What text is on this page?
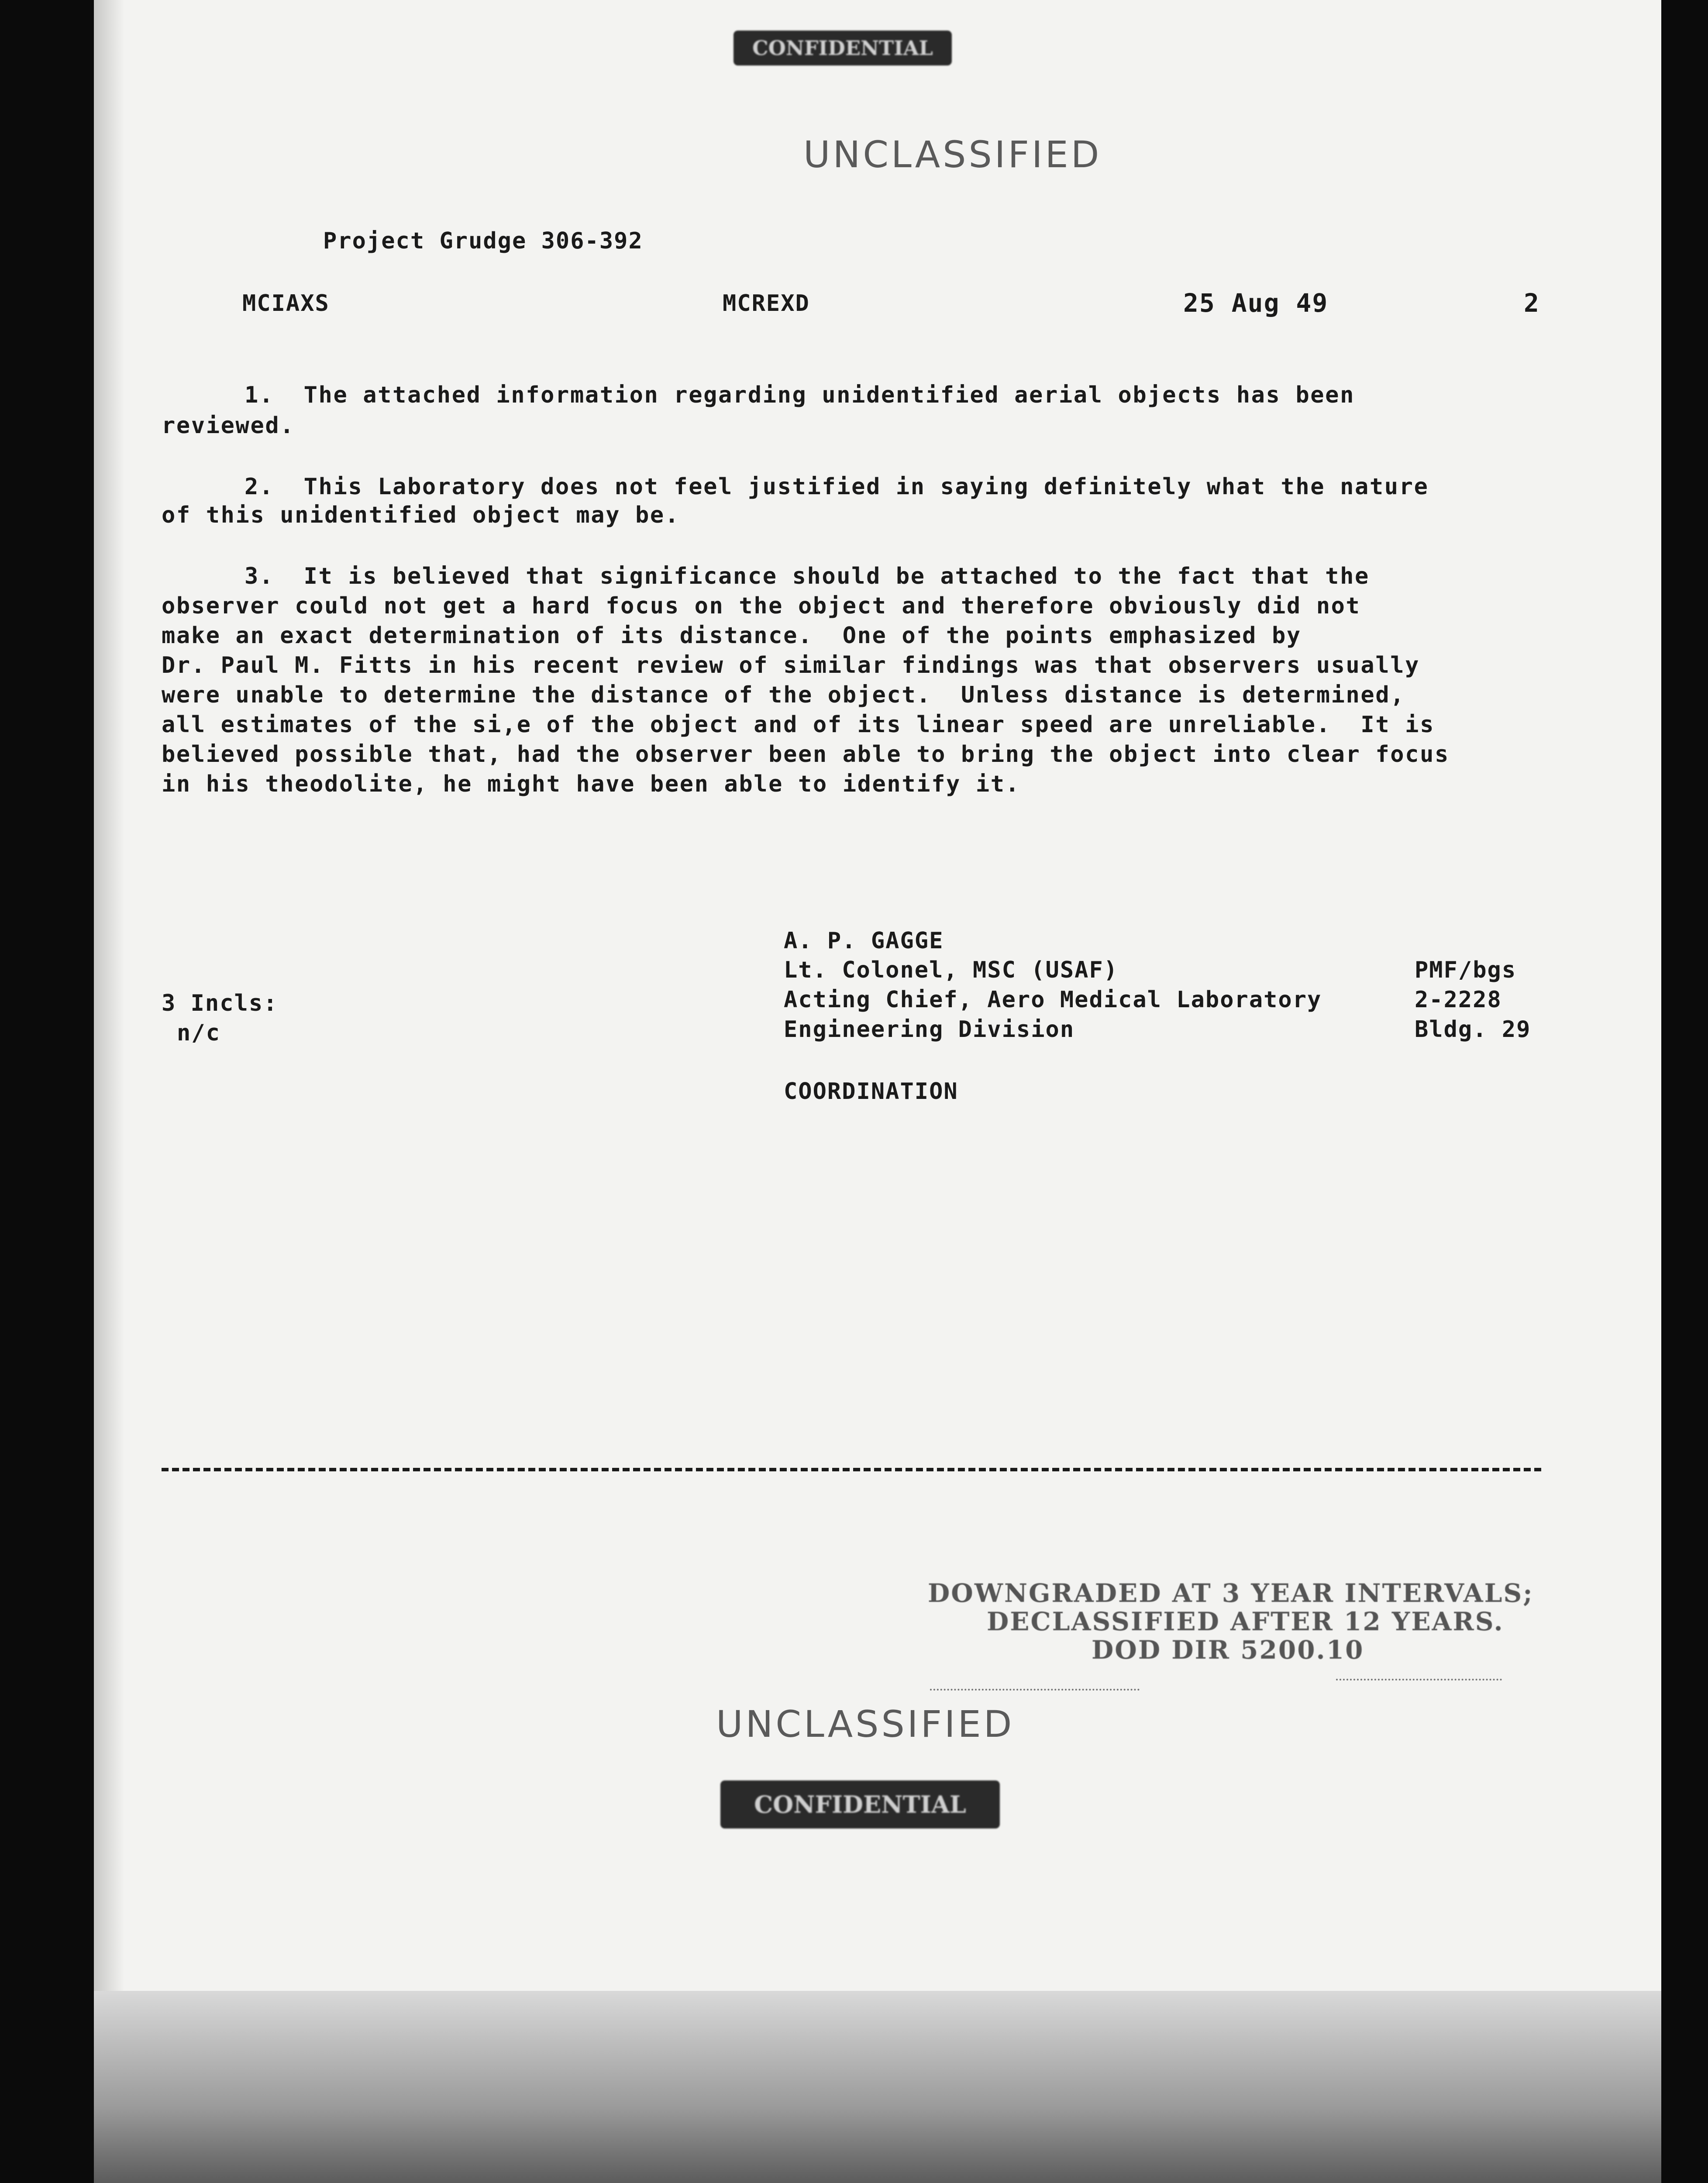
CONFIDENTIAL
UNCLASSIFIED
Project Grudge 306-392
MCIAXS	MCREXD	25 Aug 49	2
1.  The attached information regarding unidentified aerial objects has been
reviewed.
2.  This Laboratory does not feel justified in saying definitely what the nature
of this unidentified object may be.
3.  It is believed that significance should be attached to the fact that the
observer could not get a hard focus on the object and therefore obviously did not
make an exact determination of its distance.  One of the points emphasized by
Dr. Paul M. Fitts in his recent review of similar findings was that observers usually
were unable to determine the distance of the object.  Unless distance is determined,
all estimates of the si,e of the object and of its linear speed are unreliable.  It is
believed possible that, had the observer been able to bring the object into clear focus
in his theodolite, he might have been able to identify it.
A. P. GAGGE
Lt. Colonel, MSC (USAF)
Acting Chief, Aero Medical Laboratory
Engineering Division
PMF/bgs
2-2228
Bldg. 29
3 Incls:
n/c
COORDINATION
DOWNGRADED AT 3 YEAR INTERVALS;
DECLASSIFIED AFTER 12 YEARS.
DOD DIR 5200.10
UNCLASSIFIED
CONFIDENTIAL
